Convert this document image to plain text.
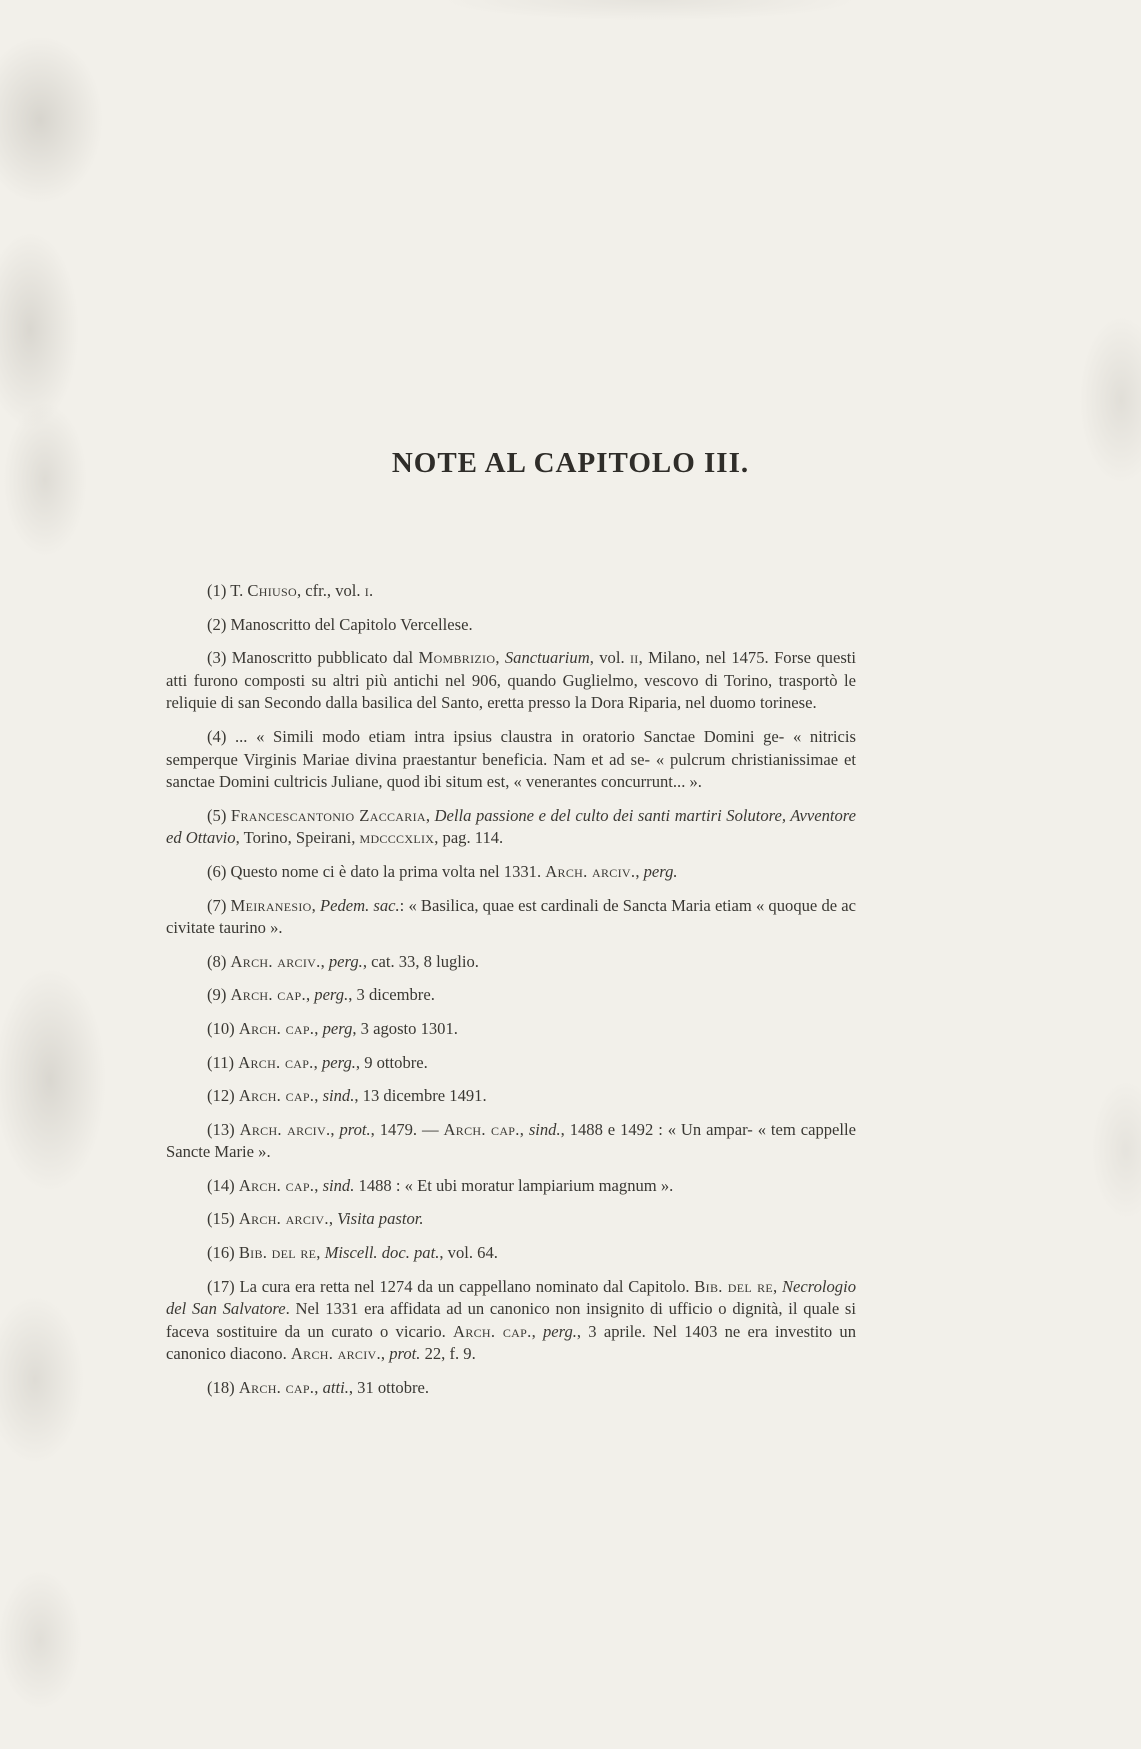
NOTE AL CAPITOLO III.

(1) T. Chiuso, cfr., vol. i.

(2) Manoscritto del Capitolo Vercellese.

(3) Manoscritto pubblicato dal Mombrizio, Sanctuarium, vol. ii, Milano, nel 1475. Forse questi atti furono composti su altri più antichi nel 906, quando Guglielmo, vescovo di Torino, trasportò le reliquie di san Secondo dalla basilica del Santo, eretta presso la Dora Riparia, nel duomo torinese.

(4) ... « Simili modo etiam intra ipsius claustra in oratorio Sanctae Domini ge- « nitricis semperque Virginis Mariae divina praestantur beneficia. Nam et ad se- « pulcrum christianissimae et sanctae Domini cultricis Juliane, quod ibi situm est, « venerantes concurrunt... ».

(5) Francescantonio Zaccaria, Della passione e del culto dei santi martiri Solutore, Avventore ed Ottavio, Torino, Speirani, mdcccxlix, pag. 114.

(6) Questo nome ci è dato la prima volta nel 1331. Arch. arciv., perg.

(7) Meiranesio, Pedem. sac.: « Basilica, quae est cardinali de Sancta Maria etiam « quoque de ac civitate taurino ».

(8) Arch. arciv., perg., cat. 33, 8 luglio.

(9) Arch. cap., perg., 3 dicembre.

(10) Arch. cap., perg, 3 agosto 1301.

(11) Arch. cap., perg., 9 ottobre.

(12) Arch. cap., sind., 13 dicembre 1491.

(13) Arch. arciv., prot., 1479. — Arch. cap., sind., 1488 e 1492 : « Un ampar- « tem cappelle Sancte Marie ».

(14) Arch. cap., sind. 1488 : « Et ubi moratur lampiarium magnum ».

(15) Arch. arciv., Visita pastor.

(16) Bib. del re, Miscell. doc. pat., vol. 64.

(17) La cura era retta nel 1274 da un cappellano nominato dal Capitolo. Bib. del re, Necrologio del San Salvatore. Nel 1331 era affidata ad un canonico non insignito di ufficio o dignità, il quale si faceva sostituire da un curato o vicario. Arch. cap., perg., 3 aprile. Nel 1403 ne era investito un canonico diacono. Arch. arciv., prot. 22, f. 9.

(18) Arch. cap., atti., 31 ottobre.
